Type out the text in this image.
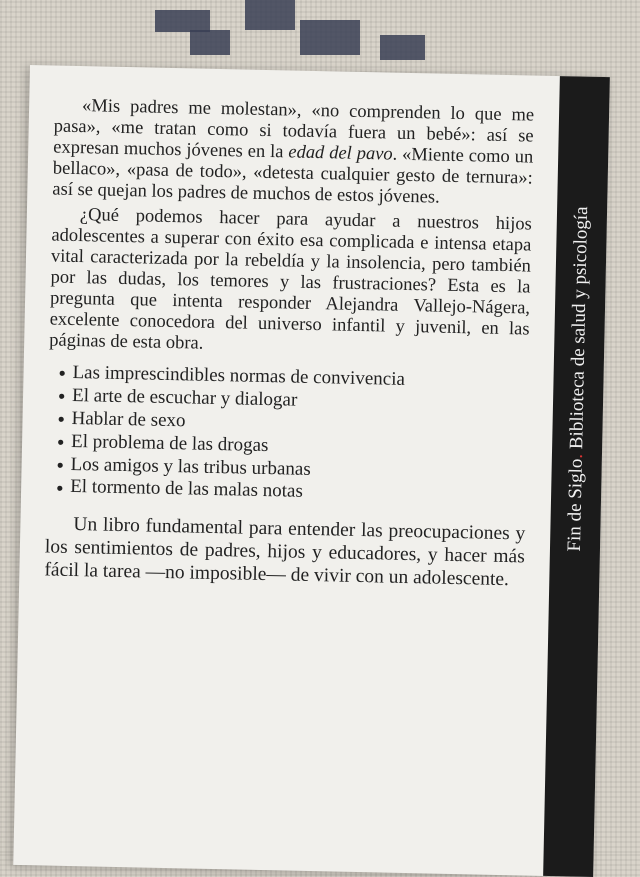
Fin de Siglo. Biblioteca de salud y psicología

«Mis padres me molestan», «no comprenden lo que me pasa», «me tratan como si todavía fuera un bebé»: así se expresan muchos jóvenes en la edad del pavo. «Miente como un bellaco», «pasa de todo», «detesta cualquier gesto de ternura»: así se quejan los padres de muchos de estos jóvenes.

¿Qué podemos hacer para ayudar a nuestros hijos adolescentes a superar con éxito esa complicada e intensa etapa vital caracterizada por la rebeldía y la insolencia, pero también por las dudas, los temores y las frustraciones? Esta es la pregunta que intenta responder Alejandra Vallejo-Nágera, excelente conocedora del universo infantil y juvenil, en las páginas de esta obra.

● Las imprescindibles normas de convivencia
● El arte de escuchar y dialogar
● Hablar de sexo
● El problema de las drogas
● Los amigos y las tribus urbanas
● El tormento de las malas notas

Un libro fundamental para entender las preocupaciones y los sentimientos de padres, hijos y educadores, y hacer más fácil la tarea —no imposible— de vivir con un adolescente.
